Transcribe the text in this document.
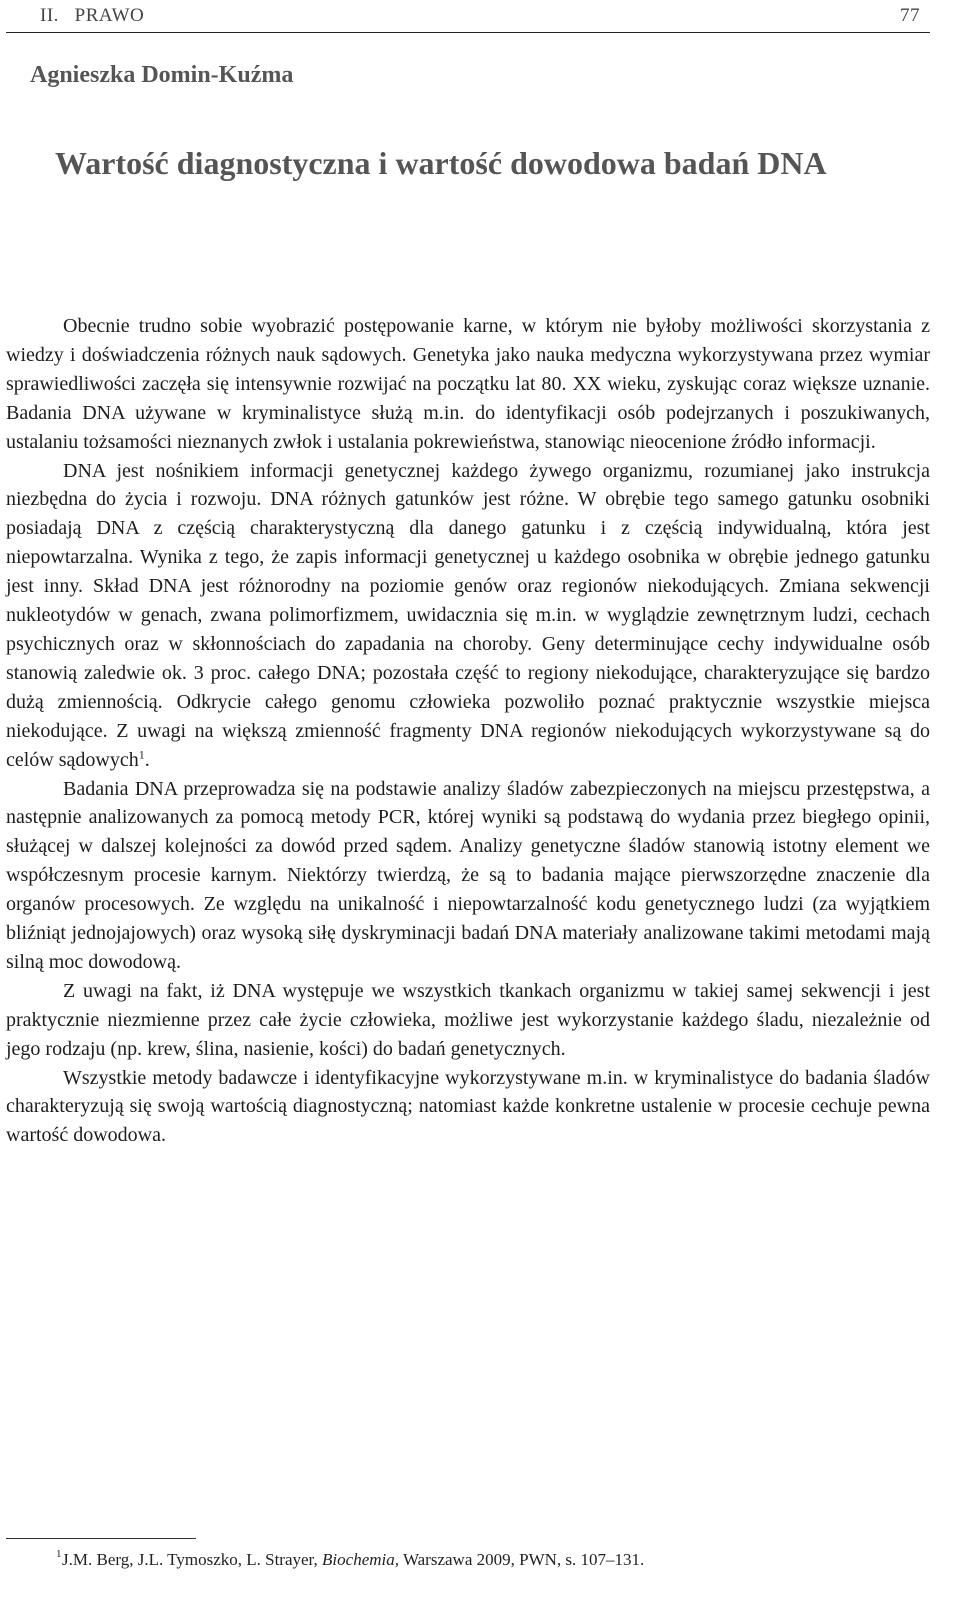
II.   PRAWO	77
Agnieszka Domin-Kuźma
Wartość diagnostyczna i wartość dowodowa badań DNA

Obecnie trudno sobie wyobrazić postępowanie karne, w którym nie byłoby możliwości skorzystania z wiedzy i doświadczenia różnych nauk sądowych. Genetyka jako nauka medyczna wykorzystywana przez wymiar sprawiedliwości zaczęła się intensywnie rozwijać na początku lat 80. XX wieku, zyskując coraz większe uznanie. Badania DNA używane w kryminalistyce służą m.in. do identyfikacji osób podejrzanych i poszukiwanych, ustalaniu tożsamości nieznanych zwłok i ustalania pokrewieństwa, stanowiąc nieocenione źródło informacji.

DNA jest nośnikiem informacji genetycznej każdego żywego organizmu, rozumianej jako instrukcja niezbędna do życia i rozwoju. DNA różnych gatunków jest różne. W obrębie tego samego gatunku osobniki posiadają DNA z częścią charakterystyczną dla danego gatunku i z częścią indywidualną, która jest niepowtarzalna. Wynika z tego, że zapis informacji genetycznej u każdego osobnika w obrębie jednego gatunku jest inny. Skład DNA jest różnorodny na poziomie genów oraz regionów niekodujących. Zmiana sekwencji nukleotydów w genach, zwana polimorfizmem, uwidacznia się m.in. w wyglądzie zewnętrznym ludzi, cechach psychicznych oraz w skłonnościach do zapadania na choroby. Geny determinujące cechy indywidualne osób stanowią zaledwie ok. 3 proc. całego DNA; pozostała część to regiony niekodujące, charakteryzujące się bardzo dużą zmiennością. Odkrycie całego genomu człowieka pozwoliło poznać praktycznie wszystkie miejsca niekodujące. Z uwagi na większą zmienność fragmenty DNA regionów niekodujących wykorzystywane są do celów sądowych$^1$.

Badania DNA przeprowadza się na podstawie analizy śladów zabezpieczonych na miejscu przestępstwa, a następnie analizowanych za pomocą metody PCR, której wyniki są podstawą do wydania przez biegłego opinii, służącej w dalszej kolejności za dowód przed sądem. Analizy genetyczne śladów stanowią istotny element we współczesnym procesie karnym. Niektórzy twierdzą, że są to badania mające pierwszorzędne znaczenie dla organów procesowych. Ze względu na unikalność i niepowtarzalność kodu genetycznego ludzi (za wyjątkiem bliźniąt jednojajowych) oraz wysoką siłę dyskryminacji badań DNA materiały analizowane takimi metodami mają silną moc dowodową.

Z uwagi na fakt, iż DNA występuje we wszystkich tkankach organizmu w takiej samej sekwencji i jest praktycznie niezmienne przez całe życie człowieka, możliwe jest wykorzystanie każdego śladu, niezależnie od jego rodzaju (np. krew, ślina, nasienie, kości) do badań genetycznych.

Wszystkie metody badawcze i identyfikacyjne wykorzystywane m.in. w kryminalistyce do badania śladów charakteryzują się swoją wartością diagnostyczną; natomiast każde konkretne ustalenie w procesie cechuje pewna wartość dowodowa.

1 J.M. Berg, J.L. Tymoszko, L. Strayer, Biochemia, Warszawa 2009, PWN, s. 107–131.
